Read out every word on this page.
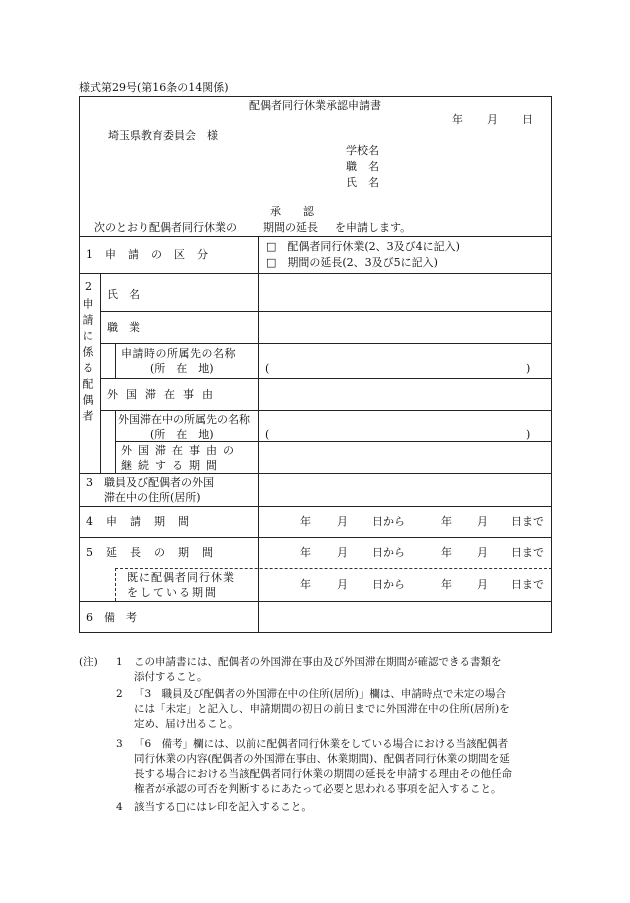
様式第29号(第16条の14関係)
配偶者同行休業承認申請書
年 月 日
埼玉県教育委員会　様
学校名
職　名
氏　名
承　　認
次のとおり配偶者同行休業の 期間の延長 を申請します。
1　申　請　の　区　分
□　配偶者同行休業(2、3及び4に記入)
□　期間の延長(2、3及び5に記入)
2
申請に係る配偶者
氏　名
職　業
申請時の所属先の名称
(所　在　地)	(	)
外国滞在事由
外国滞在中の所属先の名称
(所　在　地)	(	)
外国滞在事由の
継続する期間
3　職員及び配偶者の外国
滞在中の住所(居所)
4　申　請　期　間	年 月 日から	年 月 日まで
5　延　長　の　期　間	年 月 日から	年 月 日まで
既に配偶者同行休業
をしている期間
年 月 日から	年 月 日まで
6　備　考
(注) 1 この申請書には、配偶者の外国滞在事由及び外国滞在期間が確認できる書類を
添付すること。
2 「3　職員及び配偶者の外国滞在中の住所(居所)」欄は、申請時点で未定の場合
には「未定」と記入し、申請期間の初日の前日までに外国滞在中の住所(居所)を
定め、届け出ること。
3 「6　備考」欄には、以前に配偶者同行休業をしている場合における当該配偶者
同行休業の内容(配偶者の外国滞在事由、休業期間)、配偶者同行休業の期間を延
長する場合における当該配偶者同行休業の期間の延長を申請する理由その他任命
権者が承認の可否を判断するにあたって必要と思われる事項を記入すること。
4 該当する□にはレ印を記入すること。
